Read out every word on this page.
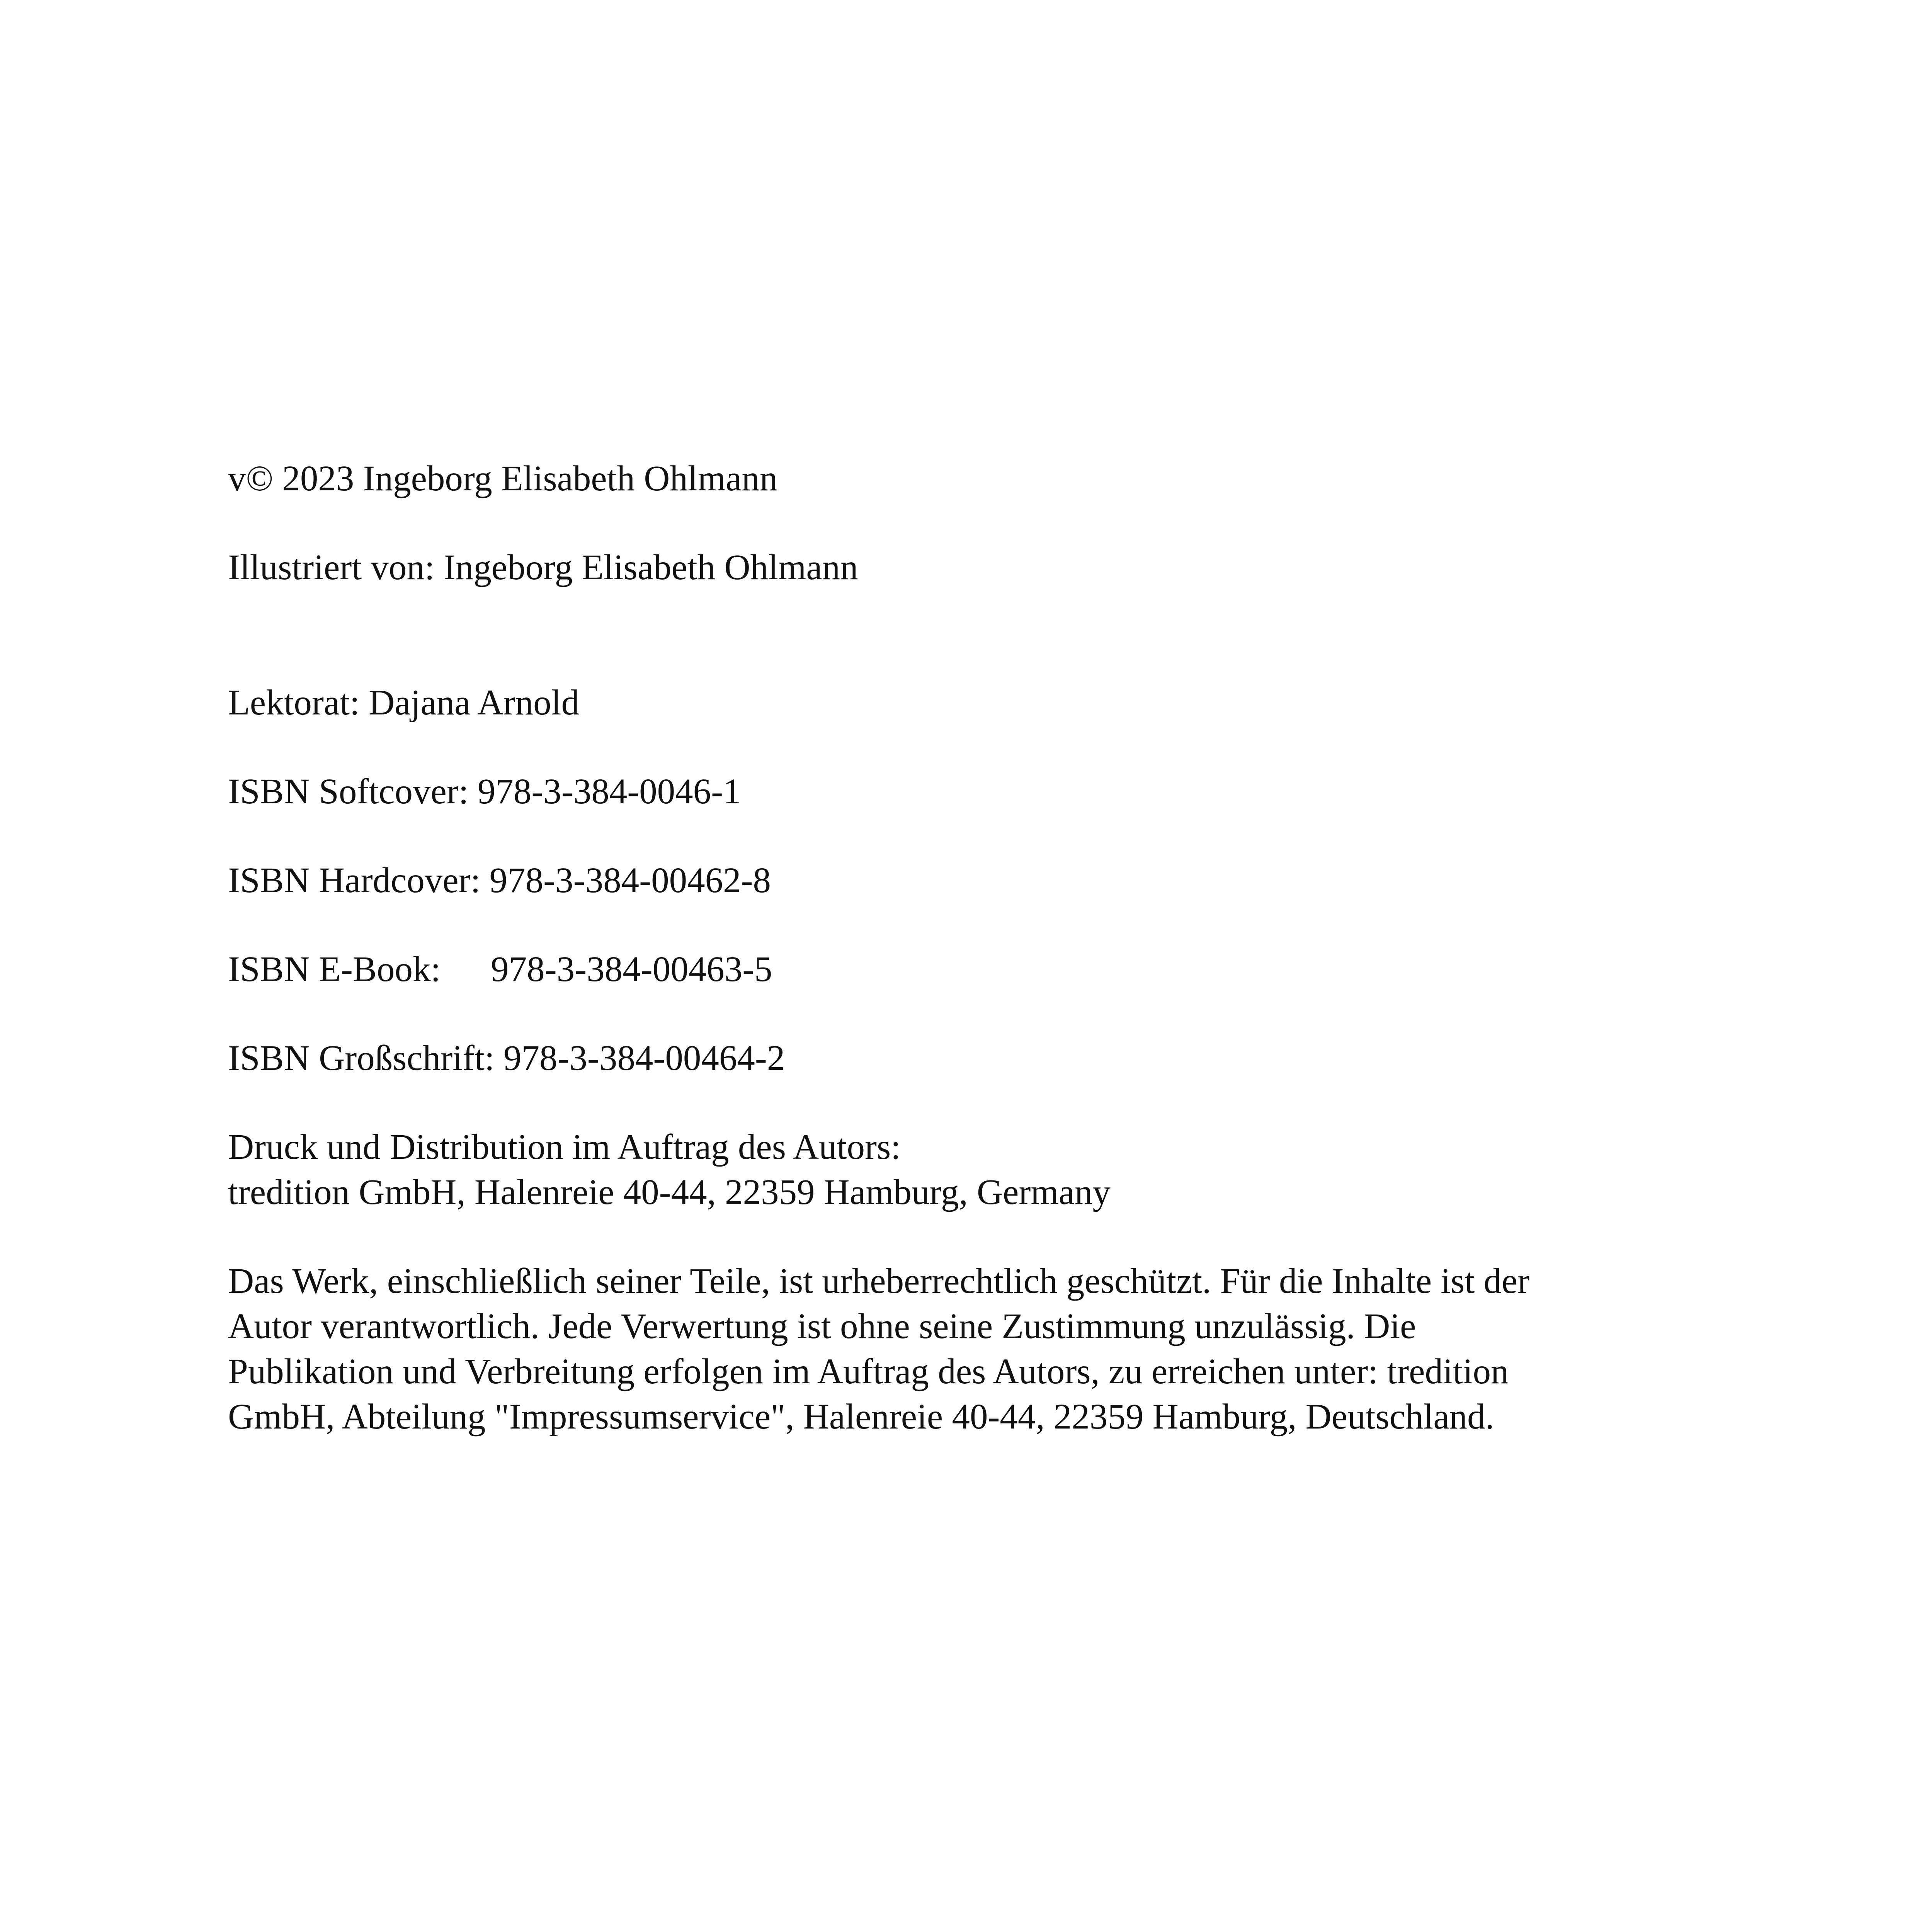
v© 2023 Ingeborg Elisabeth Ohlmann

Illustriert von: Ingeborg Elisabeth Ohlmann

Lektorat: Dajana Arnold

ISBN Softcover: 978-3-384-0046-1

ISBN Hardcover: 978-3-384-00462-8

ISBN E-Book: 978-3-384-00463-5

ISBN Großschrift: 978-3-384-00464-2

Druck und Distribution im Auftrag des Autors:

tredition GmbH, Halenreie 40-44, 22359 Hamburg, Germany

Das Werk, einschließlich seiner Teile, ist urheberrechtlich geschützt. Für die Inhalte ist der

Autor verantwortlich. Jede Verwertung ist ohne seine Zustimmung unzulässig. Die

Publikation und Verbreitung erfolgen im Auftrag des Autors, zu erreichen unter: tredition

GmbH, Abteilung "Impressumservice", Halenreie 40-44, 22359 Hamburg, Deutschland.
